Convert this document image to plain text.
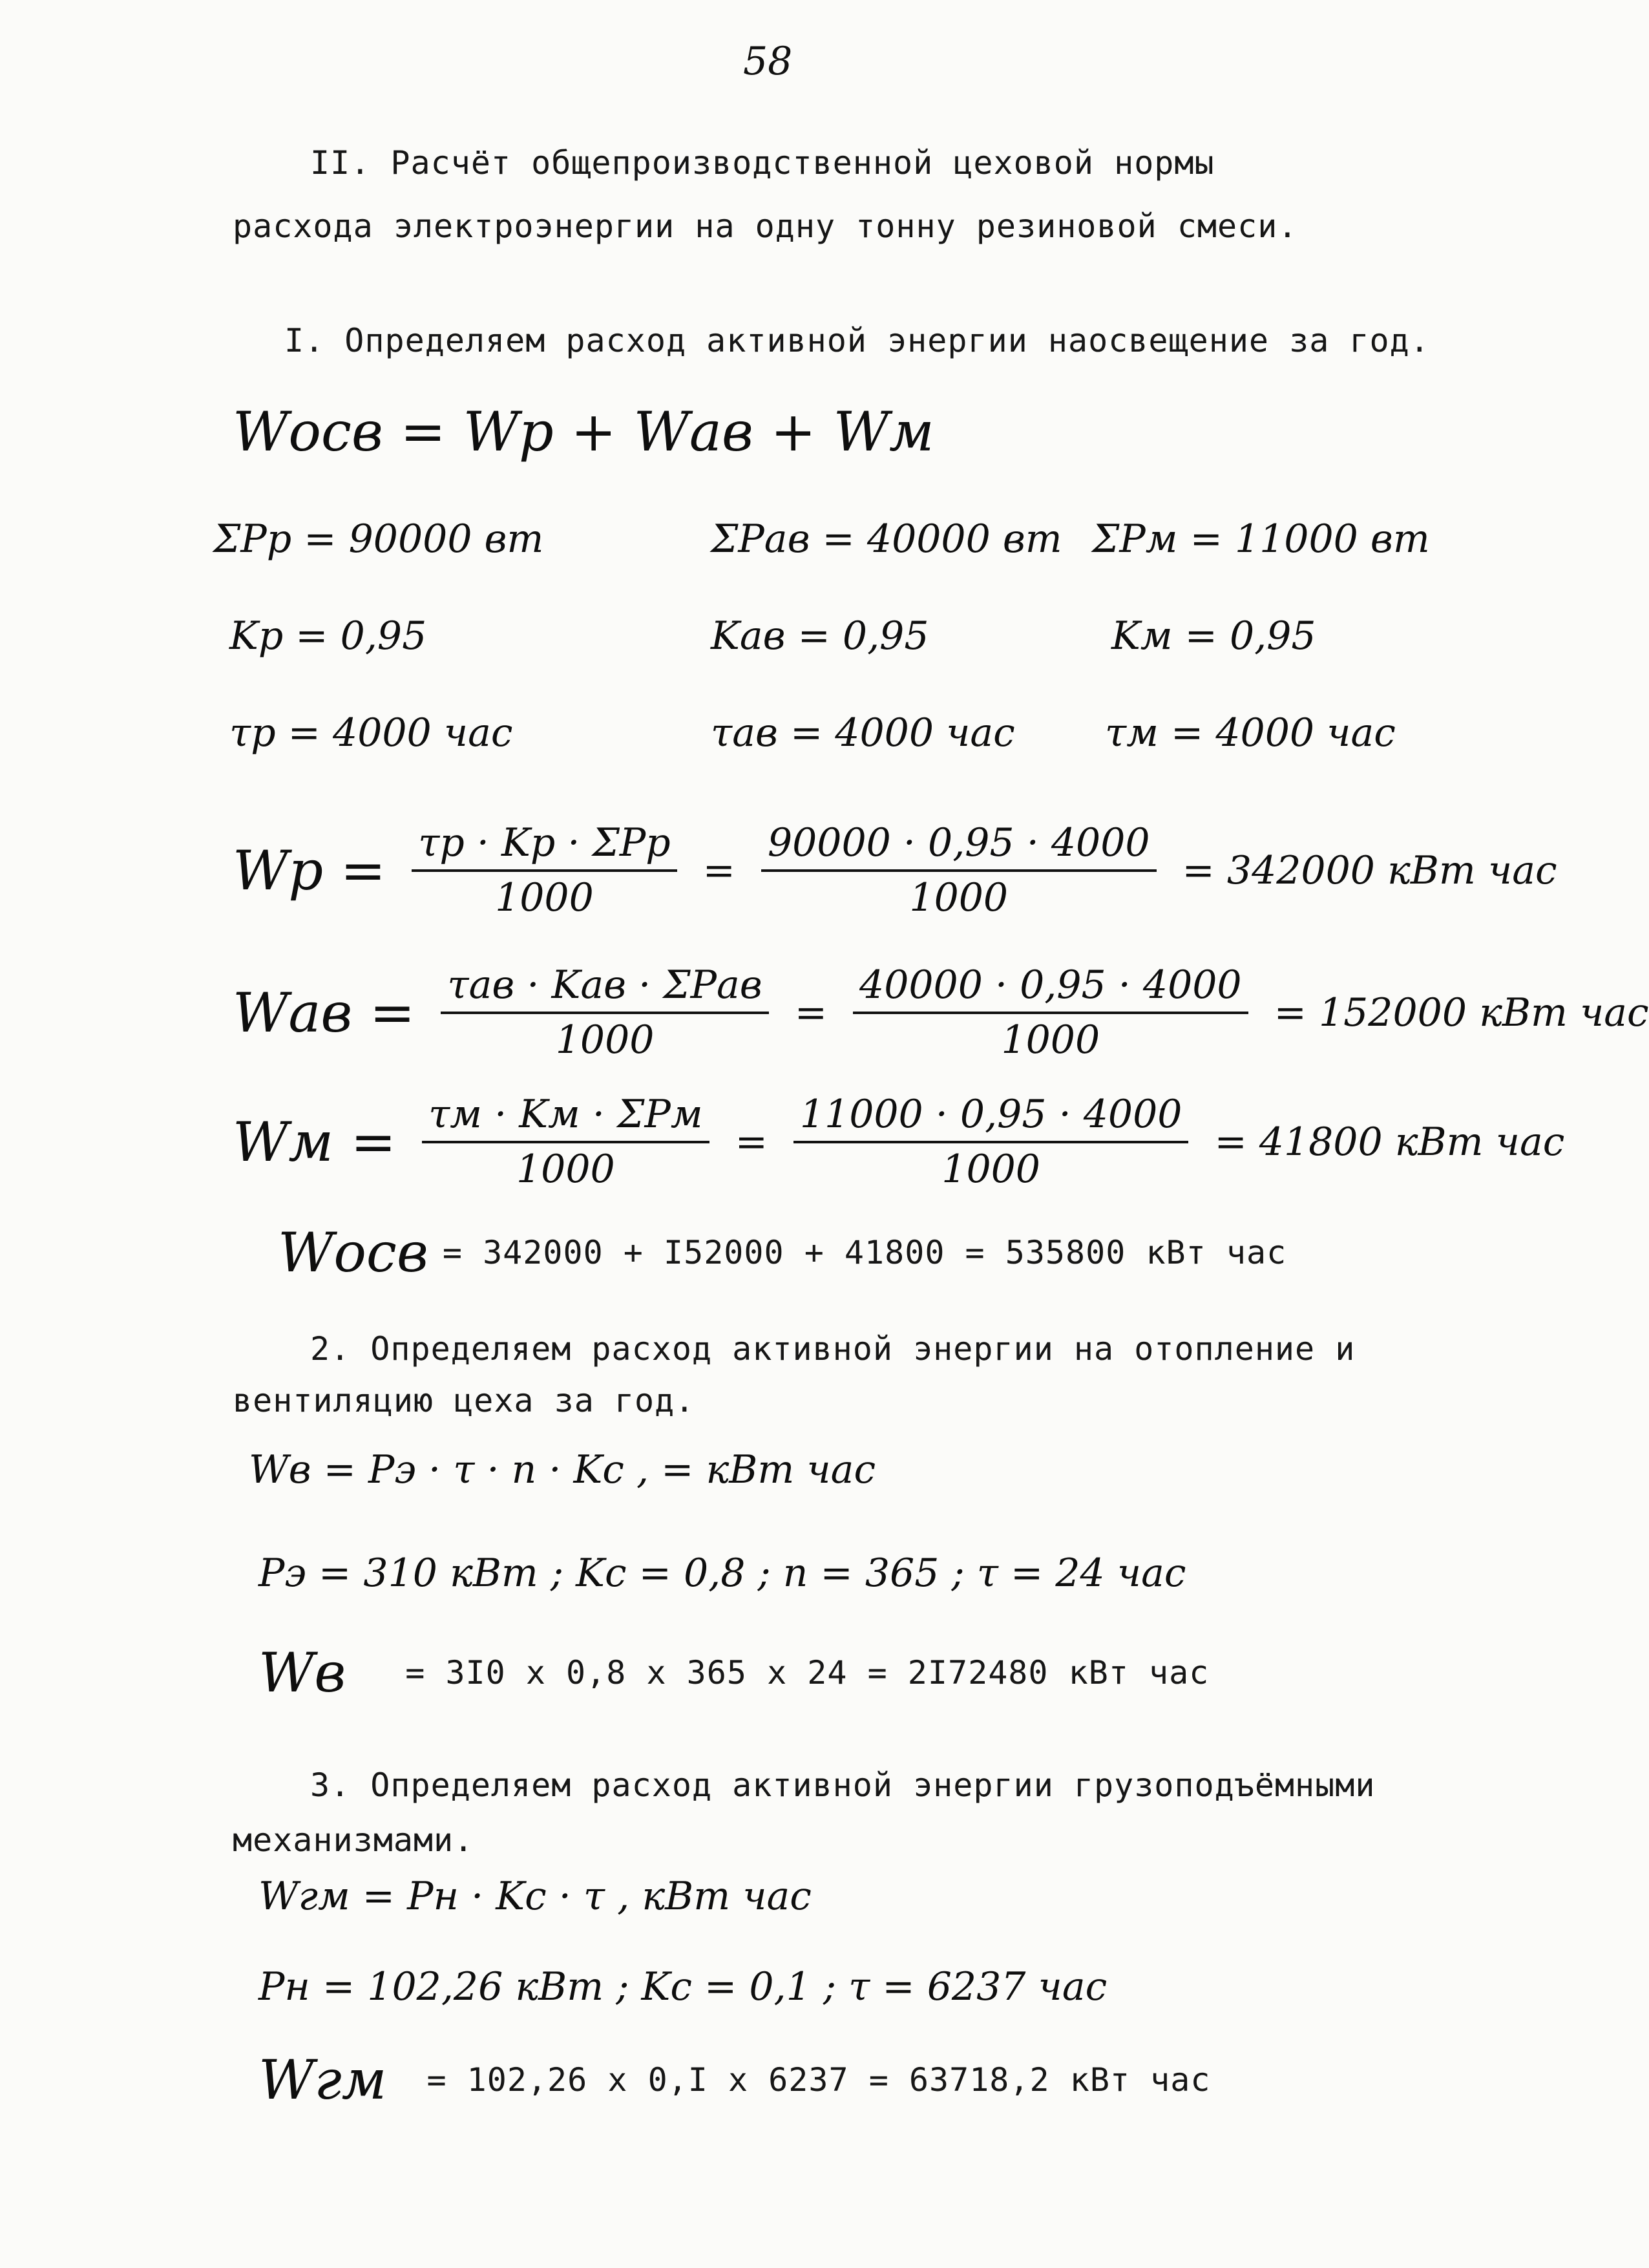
58
II. Расчёт общепроизводственной цеховой нормы
расхода электроэнергии на одну тонну резиновой смеси.
I. Определяем расход активной энергии наосвещение за год.
Wосв = Wр + Wав + Wм
ΣPр = 90000 вт	ΣPав = 40000 вт ΣPм = 11000 вт
Kр = 0,95	Kав = 0,95	Kм = 0,95
τр = 4000 час	τав = 4000 час τм = 4000 час
Wр = $\frac{\text{τр · Kр · ΣPр}}{1000} = \frac{90000 \cdot 0,95 \cdot 4000}{1000} = 342000$ кВт час
Wав = $\frac{\text{τав · Kав · ΣPав}}{1000} = \frac{40000 \cdot 0,95 \cdot 4000}{1000} = 152000$ кВт час
Wм = $\frac{\text{τм · Kм · ΣPм}}{1000} = \frac{11000 \cdot 0,95 \cdot 4000}{1000} = 41800$ кВт час
Wосв = 342000 + I52000 + 41800 = 535800 кВт час
2. Определяем расход активной энергии на отопление и
вентиляцию цеха за год.
Wв = Pэ · τ · n · Kс , = кВт час
Pэ = 310 кВт ; Kс = 0,8 ; n = 365 ; τ = 24 час
Wв = 3I0 x 0,8 x 365 x 24 = 2I72480 кВт час
3. Определяем расход активной энергии грузоподъёмными
механизмами.
Wгм = Pн · Kс · τ , кВт час
Pн = 102,26 кВт ; Kс = 0,1 ; τ = 6237 час
Wгм = 102,26 x 0,I x 6237 = 63718,2 кВт час
